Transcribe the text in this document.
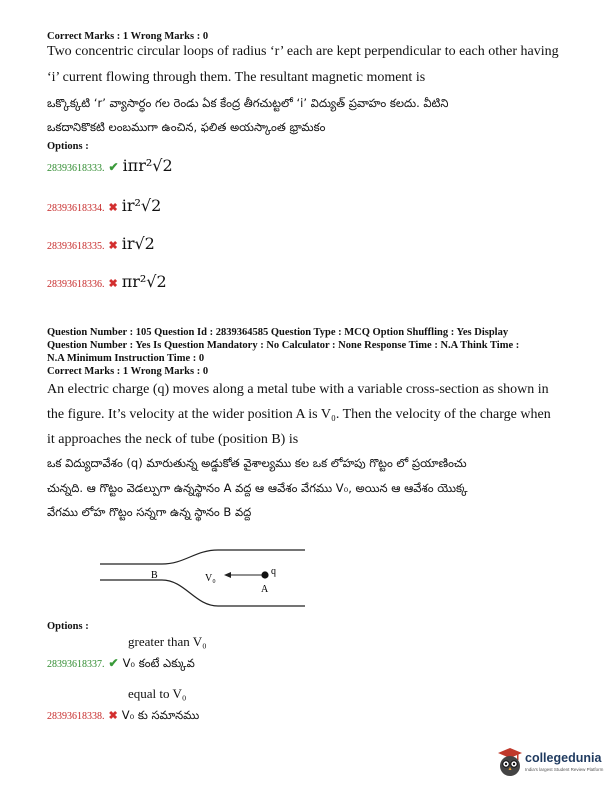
Correct Marks : 1 Wrong Marks : 0
Two concentric circular loops of radius ‘r’ each are kept perpendicular to each other having
‘i’ current flowing through them. The resultant magnetic moment is
ఒక్కొక్కటి ‘r’ వ్యాసార్ధం గల రెండు ఏక కేంద్ర తీగచుట్టలో ‘i’ విద్యుత్ ప్రవాహం కలదు. వీటిని
ఒకదానికొకటి లంబముగా ఉంచిన, ఫలిత అయస్కాంత భ్రామకం
Options :
28393618333. ✔ iπr²√2
28393618334. ✖ ir²√2
28393618335. ✖ ir√2
28393618336. ✖ πr²√2
Question Number : 105 Question Id : 2839364585 Question Type : MCQ Option Shuffling : Yes Display
Question Number : Yes Is Question Mandatory : No Calculator : None Response Time : N.A Think Time :
N.A Minimum Instruction Time : 0
Correct Marks : 1 Wrong Marks : 0
An electric charge (q) moves along a metal tube with a variable cross-section as shown in
the figure. It’s velocity at the wider position A is V₀. Then the velocity of the charge when
it approaches the neck of tube (position B) is
ఒక విద్యుదావేశం (q) మారుతున్న అడ్డుకోత వైశాల్యము కల ఒక లోహపు గొట్టం లో ప్రయాణించు
చున్నది. ఆ గొట్టం వెడల్పుగా ఉన్నస్థానం A వద్ద ఆ ఆవేశం వేగము V₀, అయిన ఆ ఆవేశం యొక్క
వేగము లోహ గొట్టం సన్నగా ఉన్న స్థానం B వద్ద
B	V₀
q
A
Options :
greater than V₀
28393618337. ✔ V₀ కంటే ఎక్కువ
equal to V₀
28393618338. ✖ V₀ కు సమానము
collegedunia
India's largest Student Review Platform
